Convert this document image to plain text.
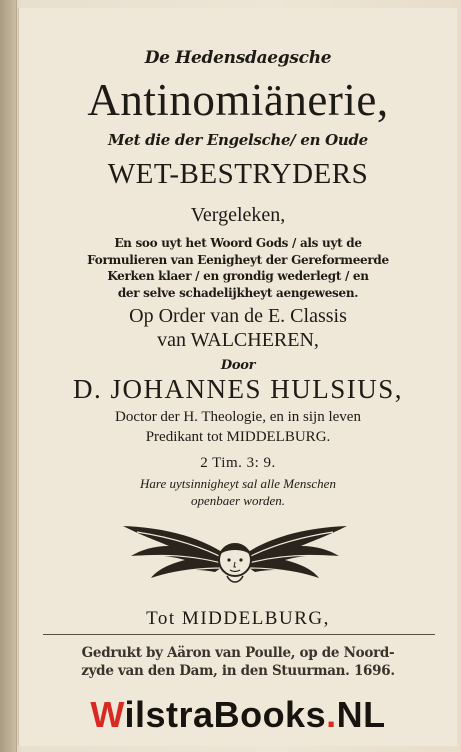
De Hedensdaegsche
Antinomiänerie,
Met die der Engelsche/ en Oude
WET-BESTRYDERS
Vergeleken,
En soo uyt het Woord Gods / als uyt de
Formulieren van Eenigheyt der Gereformeerde
Kerken klaer / en grondig wederlegt / en
der selve schadelijkheyt aengewesen.
Op Order van de E. Classis
van WALCHEREN,
Door
D. JOHANNES HULSIUS,
Doctor der H. Theologie, en in sijn leven
Predikant tot MIDDELBURG.
2 Tim. 3: 9.
Hare uytsinnigheyt sal alle Menschen
openbaer worden.
Tot MIDDELBURG,
Gedrukt by Aäron van Poulle, op de Noord-
zyde van den Dam, in den Stuurman. 1696.
WilstraBooks.NL
